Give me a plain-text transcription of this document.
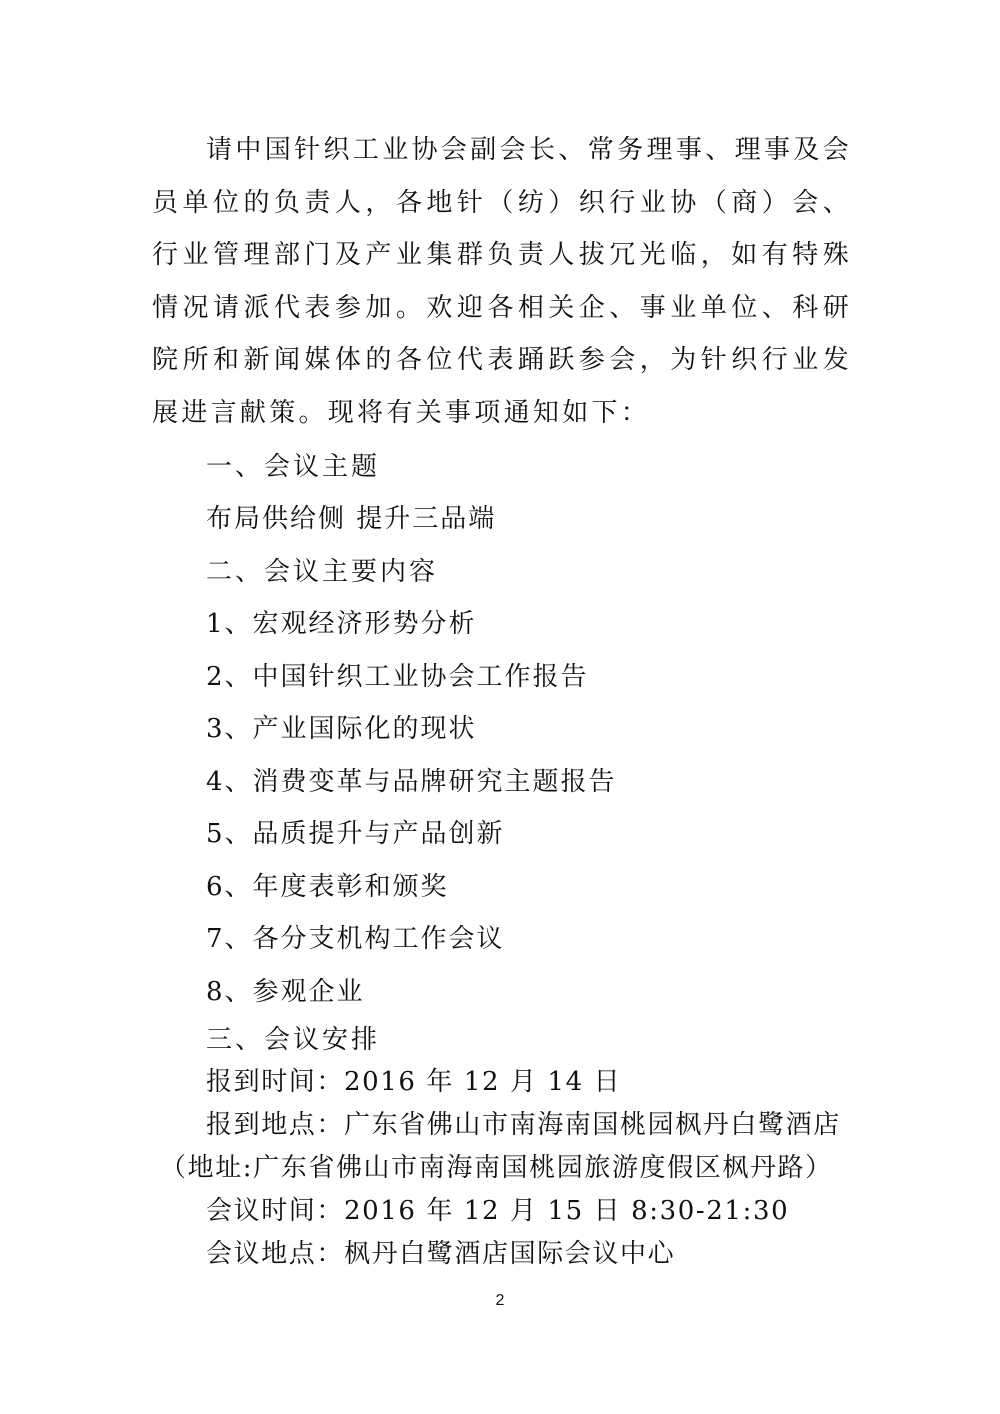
请中国针织工业协会副会长、常务理事、理事及会员单位的负责人，各地针（纺）织行业协（商）会、行业管理部门及产业集群负责人拔冗光临，如有特殊情况请派代表参加。欢迎各相关企、事业单位、科研院所和新闻媒体的各位代表踊跃参会，为针织行业发展进言献策。现将有关事项通知如下：

一、会议主题

布局供给侧 提升三品端

二、会议主要内容

1、宏观经济形势分析

2、中国针织工业协会工作报告

3、产业国际化的现状

4、消费变革与品牌研究主题报告

5、品质提升与产品创新

6、年度表彰和颁奖

7、各分支机构工作会议

8、参观企业

三、会议安排

报到时间：2016 年 12 月 14 日

报到地点：广东省佛山市南海南国桃园枫丹白鹭酒店

（地址:广东省佛山市南海南国桃园旅游度假区枫丹路）

会议时间：2016 年 12 月 15 日 8:30-21:30

会议地点：枫丹白鹭酒店国际会议中心

2
